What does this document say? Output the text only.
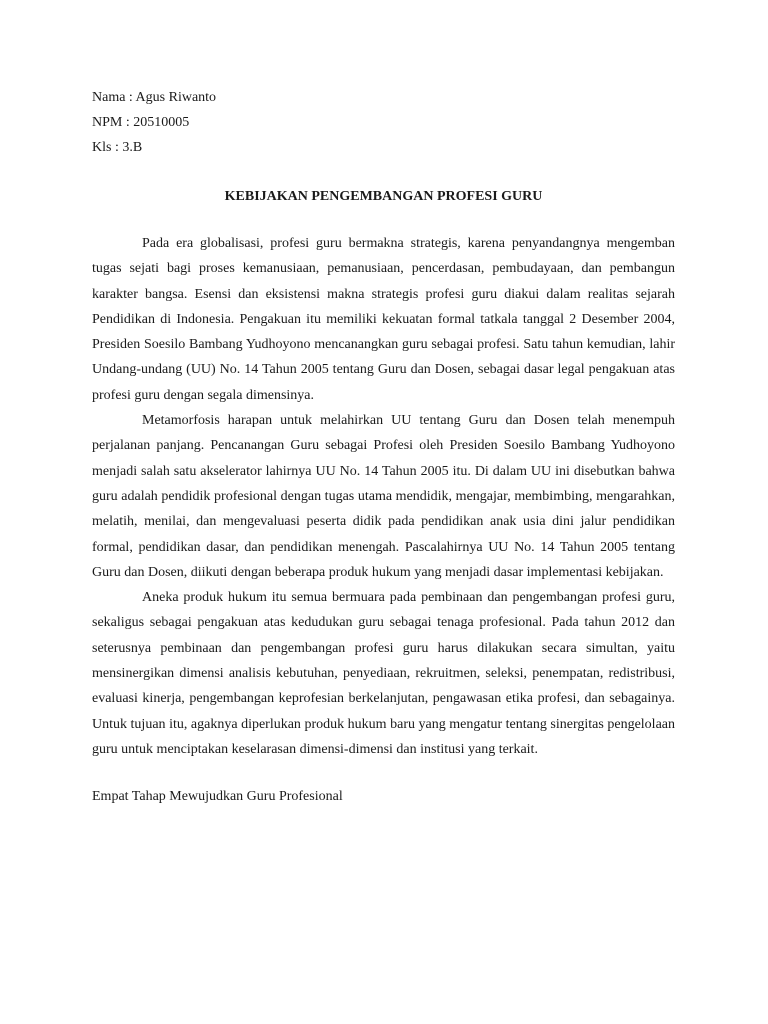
Nama : Agus Riwanto
NPM : 20510005
Kls : 3.B
KEBIJAKAN PENGEMBANGAN PROFESI GURU

Pada era globalisasi, profesi guru bermakna strategis, karena penyandangnya mengemban tugas sejati bagi proses kemanusiaan, pemanusiaan, pencerdasan, pembudayaan, dan pembangun karakter bangsa. Esensi dan eksistensi makna strategis profesi guru diakui dalam realitas sejarah Pendidikan di Indonesia. Pengakuan itu memiliki kekuatan formal tatkala tanggal 2 Desember 2004, Presiden Soesilo Bambang Yudhoyono mencanangkan guru sebagai profesi. Satu tahun kemudian, lahir Undang-undang (UU) No. 14 Tahun 2005 tentang Guru dan Dosen, sebagai dasar legal pengakuan atas profesi guru dengan segala dimensinya.

Metamorfosis harapan untuk melahirkan UU tentang Guru dan Dosen telah menempuh perjalanan panjang. Pencanangan Guru sebagai Profesi oleh Presiden Soesilo Bambang Yudhoyono menjadi salah satu akselerator lahirnya UU No. 14 Tahun 2005 itu. Di dalam UU ini disebutkan bahwa guru adalah pendidik profesional dengan tugas utama mendidik, mengajar, membimbing, mengarahkan, melatih, menilai, dan mengevaluasi peserta didik pada pendidikan anak usia dini jalur pendidikan formal, pendidikan dasar, dan pendidikan menengah. Pascalahirnya UU No. 14 Tahun 2005 tentang Guru dan Dosen, diikuti dengan beberapa produk hukum yang menjadi dasar implementasi kebijakan.

Aneka produk hukum itu semua bermuara pada pembinaan dan pengembangan profesi guru, sekaligus sebagai pengakuan atas kedudukan guru sebagai tenaga profesional. Pada tahun 2012 dan seterusnya pembinaan dan pengembangan profesi guru harus dilakukan secara simultan, yaitu mensinergikan dimensi analisis kebutuhan, penyediaan, rekruitmen, seleksi, penempatan, redistribusi, evaluasi kinerja, pengembangan keprofesian berkelanjutan, pengawasan etika profesi, dan sebagainya. Untuk tujuan itu, agaknya diperlukan produk hukum baru yang mengatur tentang sinergitas pengelolaan guru untuk menciptakan keselarasan dimensi-dimensi dan institusi yang terkait.

Empat Tahap Mewujudkan Guru Profesional
